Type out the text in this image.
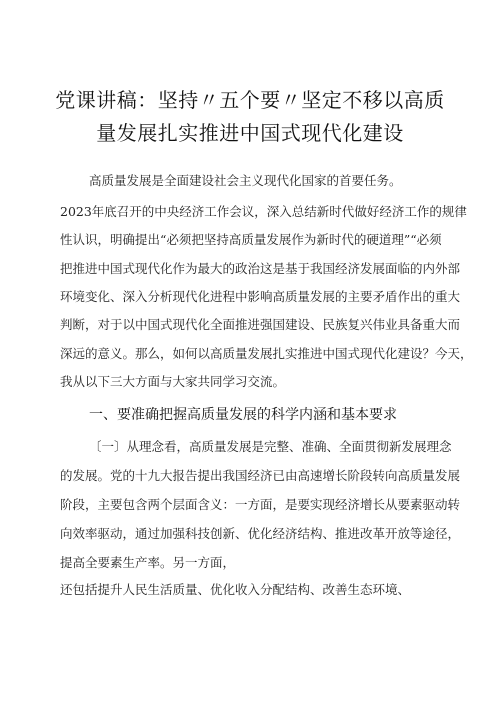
党课讲稿：坚持〃五个要〃坚定不移以高质
量发展扎实推进中国式现代化建设
高质量发展是全面建设社会主义现代化国家的首要任务。
2023年底召开的中央经济工作会议，深入总结新时代做好经济工作的规律
性认识，明确提出“必须把坚持高质量发展作为新时代的硬道理”“必须
把推进中国式现代化作为最大的政治这是基于我国经济发展面临的内外部
环境变化、深入分析现代化进程中影响高质量发展的主要矛盾作出的重大
判断，对于以中国式现代化全面推进强国建设、民族复兴伟业具备重大而
深远的意义。那么，如何以高质量发展扎实推进中国式现代化建设？今天，
我从以下三大方面与大家共同学习交流。
一、要准确把握高质量发展的科学内涵和基本要求
〔一〕从理念看，高质量发展是完整、准确、全面贯彻新发展理念
的发展。党的十九大报告提出我国经济已由高速增长阶段转向高质量发展
阶段，主要包含两个层面含义：一方面，是要实现经济增长从要素驱动转
向效率驱动，通过加强科技创新、优化经济结构、推进改革开放等途径，
提高全要素生产率。另一方面，
还包括提升人民生活质量、优化收入分配结构、改善生态环境、
